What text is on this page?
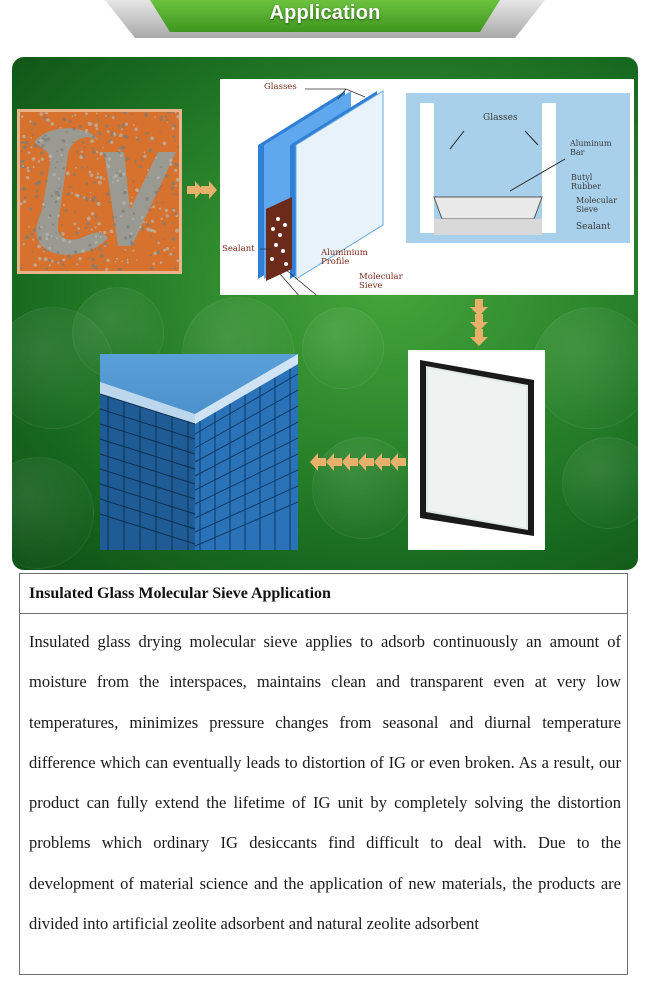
Application
Glasses
Sealant	Aluminium
Profile
Molecular
Sieve
Glasses
Aluminum
Bar
Butyl
Rubber
Molecular
Sieve
Sealant
Insulated Glass Molecular Sieve Application
Insulated glass drying molecular sieve applies to adsorb continuously an amount of moisture from the interspaces, maintains clean and transparent even at very low temperatures, minimizes pressure changes from seasonal and diurnal temperature difference which can eventually leads to distortion of IG or even broken. As a result, our product can fully extend the lifetime of IG unit by completely solving the distortion problems which ordinary IG desiccants find difficult to deal with. Due to the development of material science and the application of new materials, the products are divided into artificial zeolite adsorbent and natural zeolite adsorbent
